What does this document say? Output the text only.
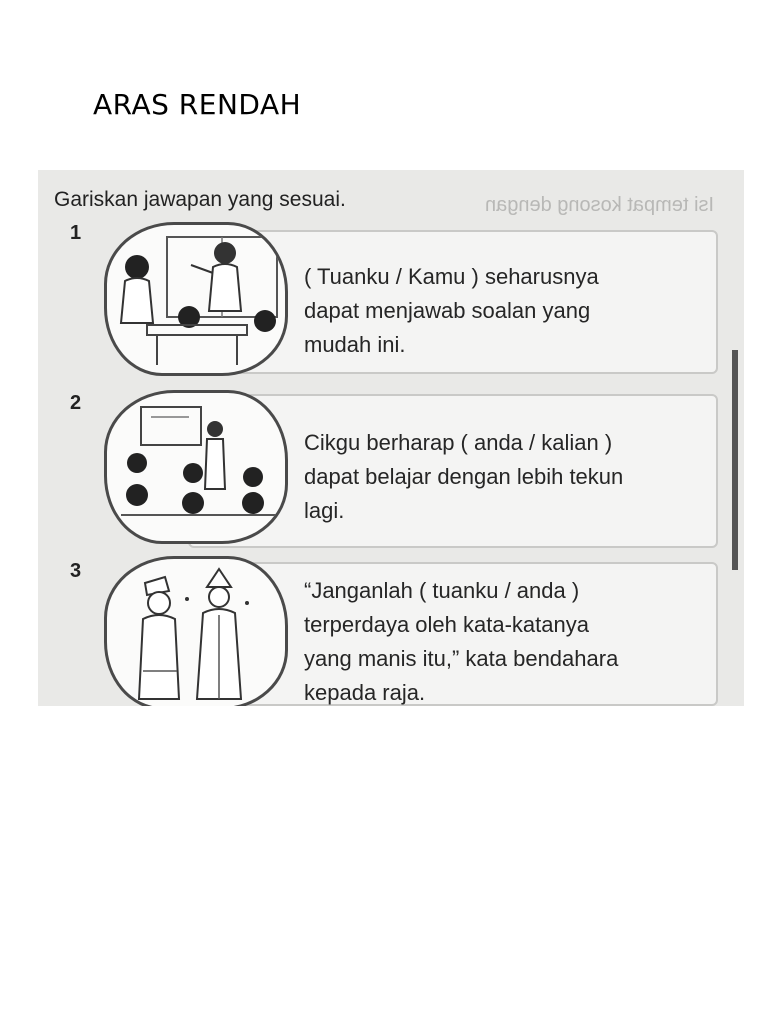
ARAS RENDAH
Gariskan jawapan yang sesuai.	Isi tempat kosong dengan
1
( Tuanku / Kamu ) seharusnya
dapat menjawab soalan yang
mudah ini.
2
Cikgu berharap ( anda / kalian )
dapat belajar dengan lebih tekun
lagi.
3
“Janganlah ( tuanku / anda )
terperdaya oleh kata-katanya
yang manis itu,” kata bendahara
kepada raja.
